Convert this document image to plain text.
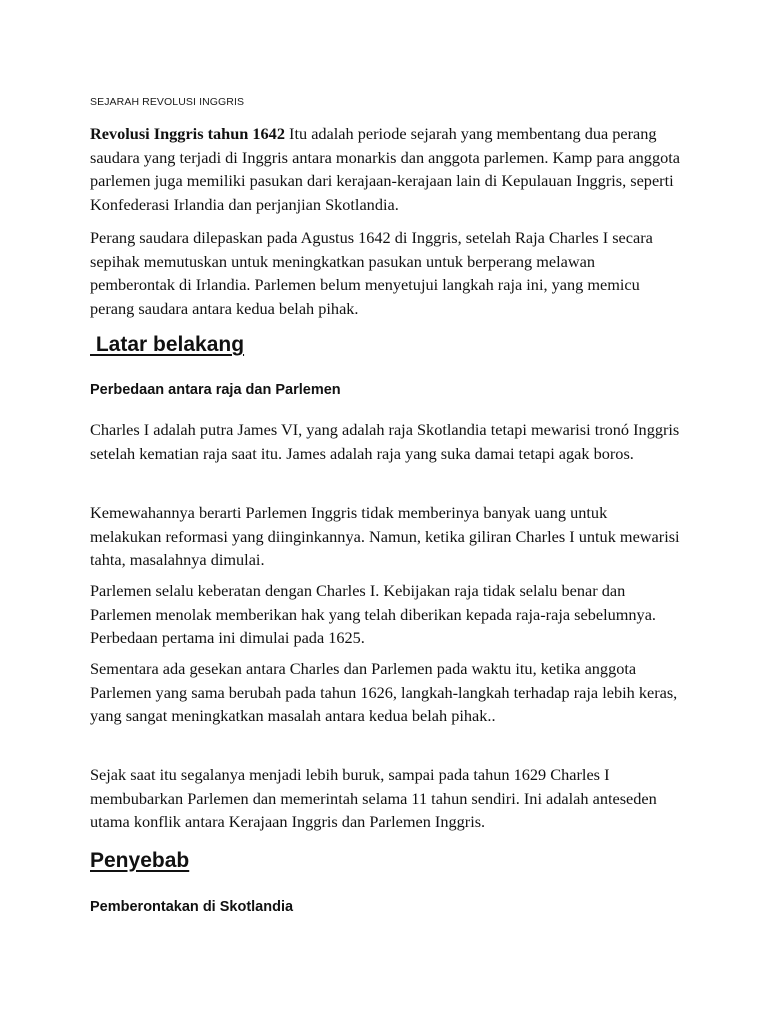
SEJARAH REVOLUSI INGGRIS
Revolusi Inggris tahun 1642 Itu adalah periode sejarah yang membentang dua perang saudara yang terjadi di Inggris antara monarkis dan anggota parlemen. Kamp para anggota parlemen juga memiliki pasukan dari kerajaan-kerajaan lain di Kepulauan Inggris, seperti Konfederasi Irlandia dan perjanjian Skotlandia.
Perang saudara dilepaskan pada Agustus 1642 di Inggris, setelah Raja Charles I secara sepihak memutuskan untuk meningkatkan pasukan untuk berperang melawan pemberontak di Irlandia. Parlemen belum menyetujui langkah raja ini, yang memicu perang saudara antara kedua belah pihak.
Latar belakang
Perbedaan antara raja dan Parlemen
Charles I adalah putra James VI, yang adalah raja Skotlandia tetapi mewarisi tronó Inggris setelah kematian raja saat itu. James adalah raja yang suka damai tetapi agak boros.
Kemewahannya berarti Parlemen Inggris tidak memberinya banyak uang untuk melakukan reformasi yang diinginkannya. Namun, ketika giliran Charles I untuk mewarisi tahta, masalahnya dimulai.
Parlemen selalu keberatan dengan Charles I. Kebijakan raja tidak selalu benar dan Parlemen menolak memberikan hak yang telah diberikan kepada raja-raja sebelumnya. Perbedaan pertama ini dimulai pada 1625.
Sementara ada gesekan antara Charles dan Parlemen pada waktu itu, ketika anggota Parlemen yang sama berubah pada tahun 1626, langkah-langkah terhadap raja lebih keras, yang sangat meningkatkan masalah antara kedua belah pihak..
Sejak saat itu segalanya menjadi lebih buruk, sampai pada tahun 1629 Charles I membubarkan Parlemen dan memerintah selama 11 tahun sendiri. Ini adalah anteseden utama konflik antara Kerajaan Inggris dan Parlemen Inggris.
Penyebab
Pemberontakan di Skotlandia
